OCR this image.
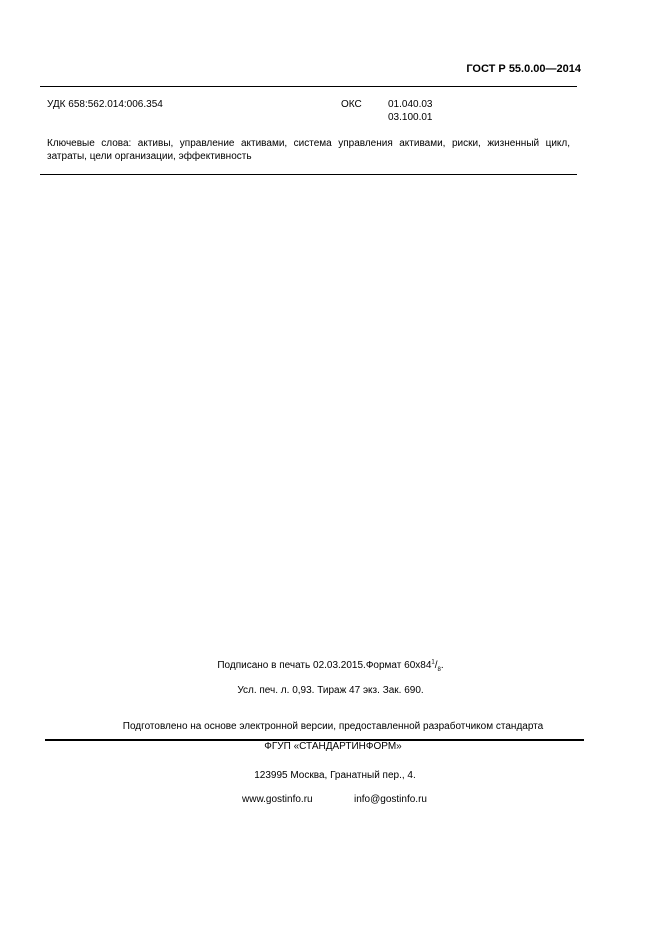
ГОСТ Р 55.0.00—2014
УДК 658:562.014:006.354	ОКС	01.040.03
03.100.01
Ключевые слова: активы, управление активами, система управления активами, риски, жизненный цикл, затраты, цели организации, эффективность
Подписано в печать 02.03.2015.Формат $60х84^1/_8$.
Усл. печ. л. 0,93. Тираж 47 экз. Зак. 690.
Подготовлено на основе электронной версии, предоставленной разработчиком стандарта
ФГУП «СТАНДАРТИНФОРМ»
123995 Москва, Гранатный пер., 4.
www.gostinfo.ru	info@gostinfo.ru
